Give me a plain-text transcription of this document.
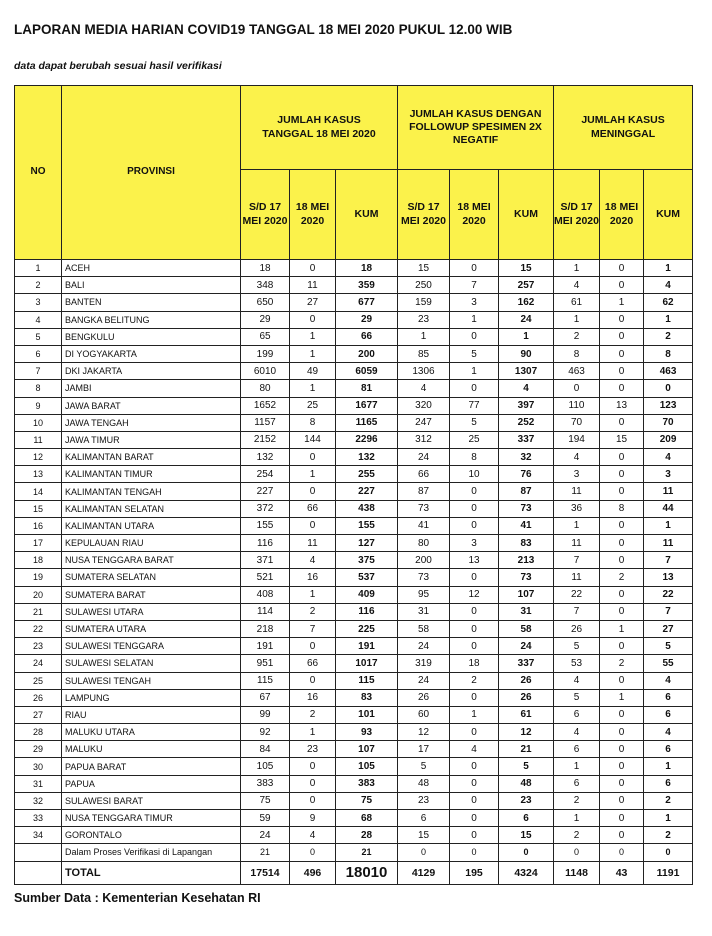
LAPORAN MEDIA HARIAN COVID19 TANGGAL 18 MEI 2020 PUKUL 12.00 WIB
data dapat berubah sesuai hasil verifikasi
NO	PROVINSI	JUMLAH KASUS TANGGAL 18 MEI 2020			JUMLAH KASUS DENGAN FOLLOWUP SPESIMEN 2X NEGATIF			JUMLAH KASUS MENINGGAL		
		S/D 17 MEI 2020	18 MEI 2020	KUM	S/D 17 MEI 2020	18 MEI 2020	KUM	S/D 17 MEI 2020	18 MEI 2020	KUM
1	ACEH	18	0	18	15	0	15	1	0	1
2	BALI	348	11	359	250	7	257	4	0	4
3	BANTEN	650	27	677	159	3	162	61	1	62
4	BANGKA BELITUNG	29	0	29	23	1	24	1	0	1
5	BENGKULU	65	1	66	1	0	1	2	0	2
6	DI YOGYAKARTA	199	1	200	85	5	90	8	0	8
7	DKI JAKARTA	6010	49	6059	1306	1	1307	463	0	463
8	JAMBI	80	1	81	4	0	4	0	0	0
9	JAWA BARAT	1652	25	1677	320	77	397	110	13	123
10	JAWA TENGAH	1157	8	1165	247	5	252	70	0	70
11	JAWA TIMUR	2152	144	2296	312	25	337	194	15	209
12	KALIMANTAN BARAT	132	0	132	24	8	32	4	0	4
13	KALIMANTAN TIMUR	254	1	255	66	10	76	3	0	3
14	KALIMANTAN TENGAH	227	0	227	87	0	87	11	0	11
15	KALIMANTAN SELATAN	372	66	438	73	0	73	36	8	44
16	KALIMANTAN UTARA	155	0	155	41	0	41	1	0	1
17	KEPULAUAN RIAU	116	11	127	80	3	83	11	0	11
18	NUSA TENGGARA BARAT	371	4	375	200	13	213	7	0	7
19	SUMATERA SELATAN	521	16	537	73	0	73	11	2	13
20	SUMATERA BARAT	408	1	409	95	12	107	22	0	22
21	SULAWESI UTARA	114	2	116	31	0	31	7	0	7
22	SUMATERA UTARA	218	7	225	58	0	58	26	1	27
23	SULAWESI TENGGARA	191	0	191	24	0	24	5	0	5
24	SULAWESI SELATAN	951	66	1017	319	18	337	53	2	55
25	SULAWESI TENGAH	115	0	115	24	2	26	4	0	4
26	LAMPUNG	67	16	83	26	0	26	5	1	6
27	RIAU	99	2	101	60	1	61	6	0	6
28	MALUKU UTARA	92	1	93	12	0	12	4	0	4
29	MALUKU	84	23	107	17	4	21	6	0	6
30	PAPUA BARAT	105	0	105	5	0	5	1	0	1
31	PAPUA	383	0	383	48	0	48	6	0	6
32	SULAWESI BARAT	75	0	75	23	0	23	2	0	2
33	NUSA TENGGARA TIMUR	59	9	68	6	0	6	1	0	1
34	GORONTALO	24	4	28	15	0	15	2	0	2
	Dalam Proses Verifikasi di Lapangan	21	0	21	0	0	0	0	0	0
	TOTAL	17514	496	18010	4129	195	4324	1148	43	1191
Sumber Data : Kementerian Kesehatan RI
